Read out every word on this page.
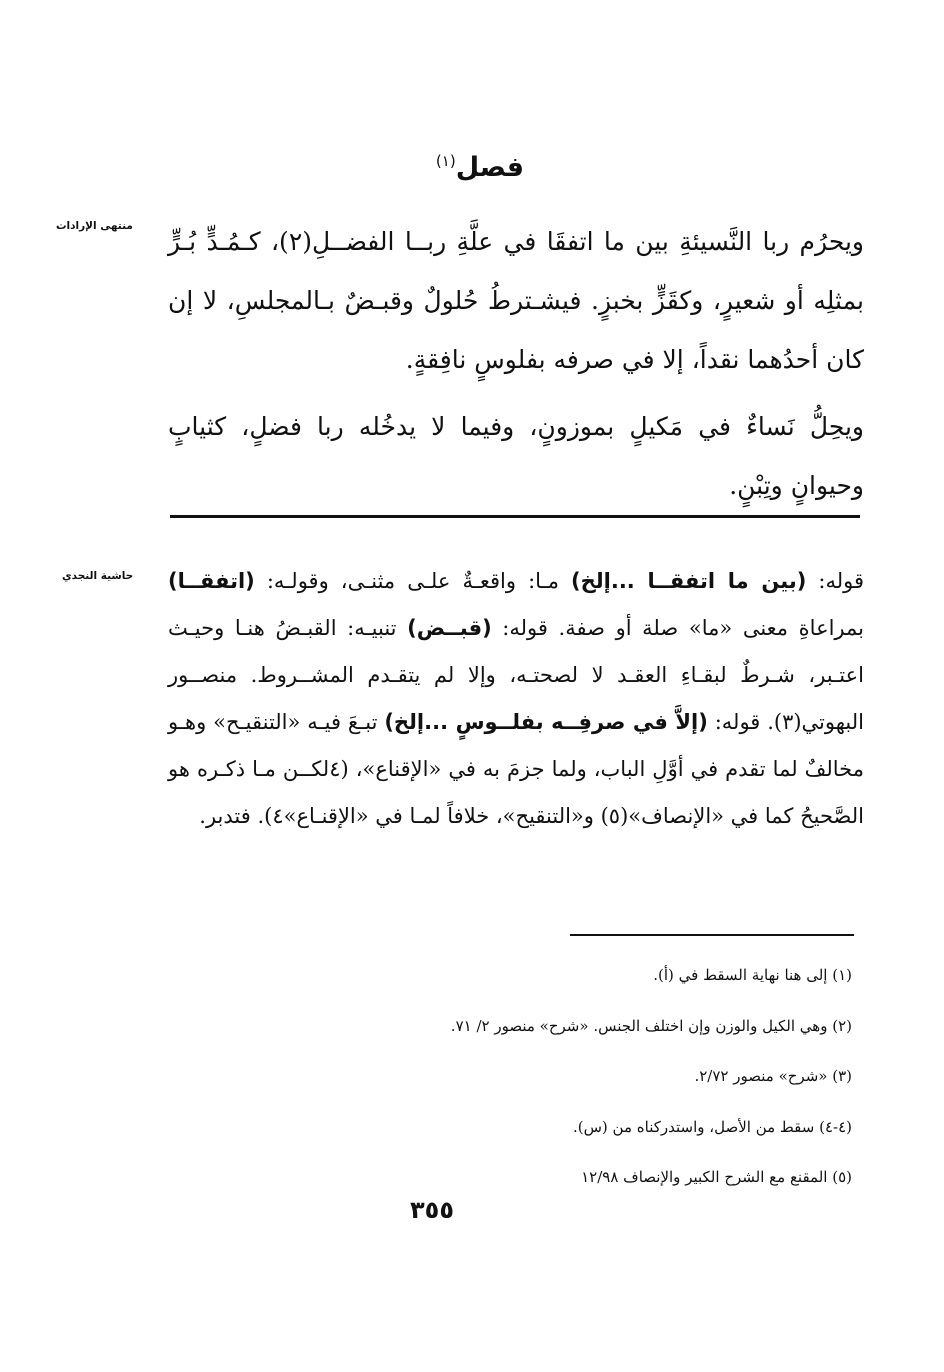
فصل$^{(١)}$
منتهى الإرادات

ويحرُم ربا النَّسيئةِ بين ما اتفقَا في علَّةِ ربــا الفضــلِ(٢)، كـمُـدٍّ بُـرٍّ بمثلِه أو شعيرٍ، وكقَزٍّ بخبزٍ. فيشـترطُ حُلولٌ وقبـضٌ بـالمجلسِ، لا إن كان أحدُهما نقداً، إلا في صرفه بفلوسٍ نافِقةٍ.

ويحِلُّ نَساءٌ في مَكيلٍ بموزونٍ، وفيما لا يدخُله ربا فضلٍ، كثيابٍ وحيوانٍ وتِبْنٍ.

حاشية النجدي	قوله: (بين ما اتفقــا ...إلخ) مـا: واقعـةٌ علـى مثنـى، وقولـه: (اتفقــا) بمراعاةِ معنى «ما» صلة أو صفة. قوله: (قبــض) تنبيـه: القبـضُ هنـا وحيـث اعتـبر، شـرطٌ لبقـاءِ العقـد لا لصحتـه، وإلا لم يتقـدم المشــروط. منصــور البهوتي(٣). قوله: (إلاَّ في صرفِــه بفلــوسٍ ...إلخ) تبـعَ فيـه «التنقيـح» وهـو مخالفٌ لما تقدم في أوَّلِ الباب، ولما جزمَ به في «الإقناع»، (٤لكــن مـا ذكـره هو الصَّحيحُ كما في «الإنصاف»(٥) و«التنقيح»، خلافاً لمـا في «الإقنـاع»٤). فتدبر.

(١) إلى هنا نهاية السقط في (أ).
(٢) وهي الكيل والوزن وإن اختلف الجنس. «شرح» منصور ٢/ ٧١.
(٣) «شرح» منصور ٢/٧٢.
(٤-٤) سقط من الأصل، واستدركناه من (س).
(٥) المقنع مع الشرح الكبير والإنصاف ١٢/٩٨
٣٥٥
